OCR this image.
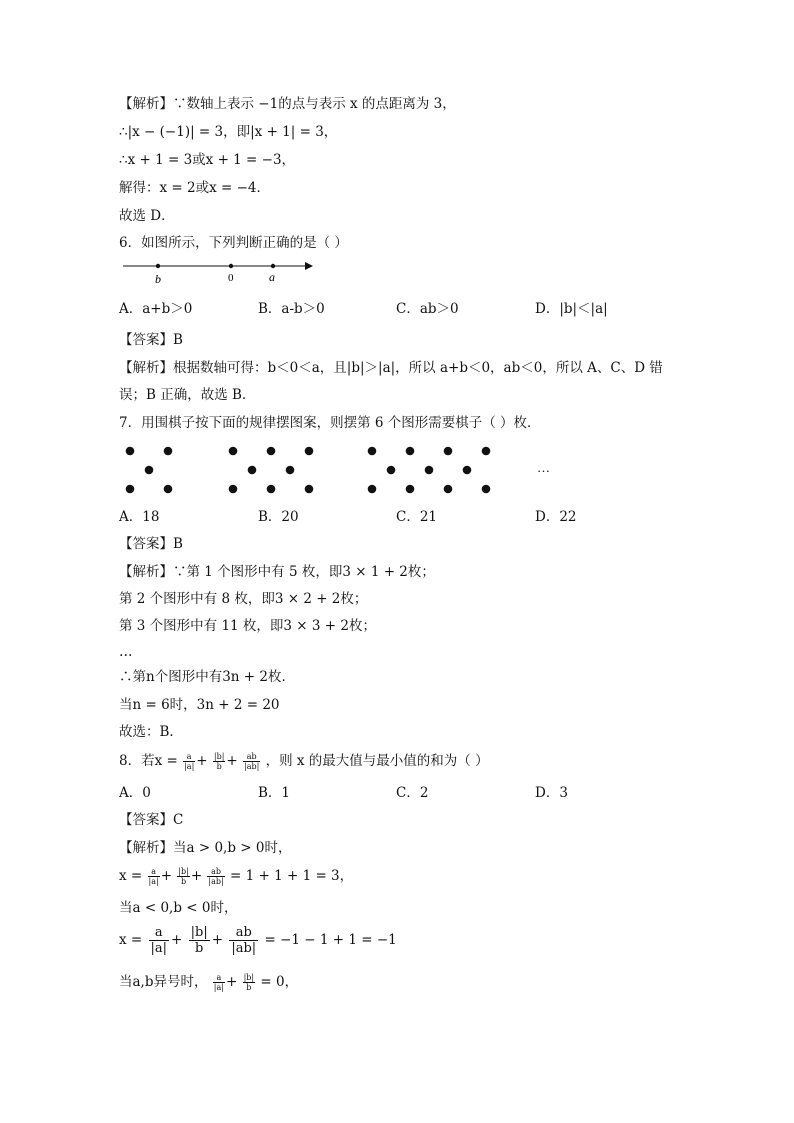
【解析】∵数轴上表示 −1的点与表示 x 的点距离为 3，
∴|x − (−1)| = 3，即|x + 1| = 3，
∴x + 1 = 3或x + 1 = −3，
解得：x = 2或x = −4．
故选 D．
6．如图所示，下列判断正确的是（ ）
b	0	a
A．a+b＞0	B．a-b＞0	C．ab＞0	D．|b|＜|a|
【答案】B
【解析】根据数轴可得：b＜0＜a，且|b|＞|a|，所以 a+b＜0，ab＜0，所以 A、C、D 错
误；B 正确，故选 B．
7．用围棋子按下面的规律摆图案，则摆第 6 个图形需要棋子（ ）枚．
…
A．18	B．20	C．21	D．22
【答案】B
【解析】∵第 1 个图形中有 5 枚，即3 × 1 + 2枚；
第 2 个图形中有 8 枚，即3 × 2 + 2枚；
第 3 个图形中有 11 枚，即3 × 3 + 2枚；
…
∴第n个图形中有3n + 2枚．
当n = 6时，3n + 2 = 20
故选：B．
8．若$x = \frac{a}{|a|} + \frac{|b|}{b} + \frac{ab}{|ab|}$ ，则 x 的最大值与最小值的和为（ ）
A．0	B．1	C．2	D．3
【答案】C
【解析】当a > 0,b > 0时，
$x = \frac{a}{|a|} + \frac{|b|}{b} + \frac{ab}{|ab|} = 1 + 1 + 1 = 3$，
当a < 0,b < 0时，
$x = \frac{a}{|a|} + \frac{|b|}{b} + \frac{ab}{|ab|} = -1 - 1 + 1 = -1$
当a,b异号时， $\frac{a}{|a|} + \frac{|b|}{b} = 0$，
